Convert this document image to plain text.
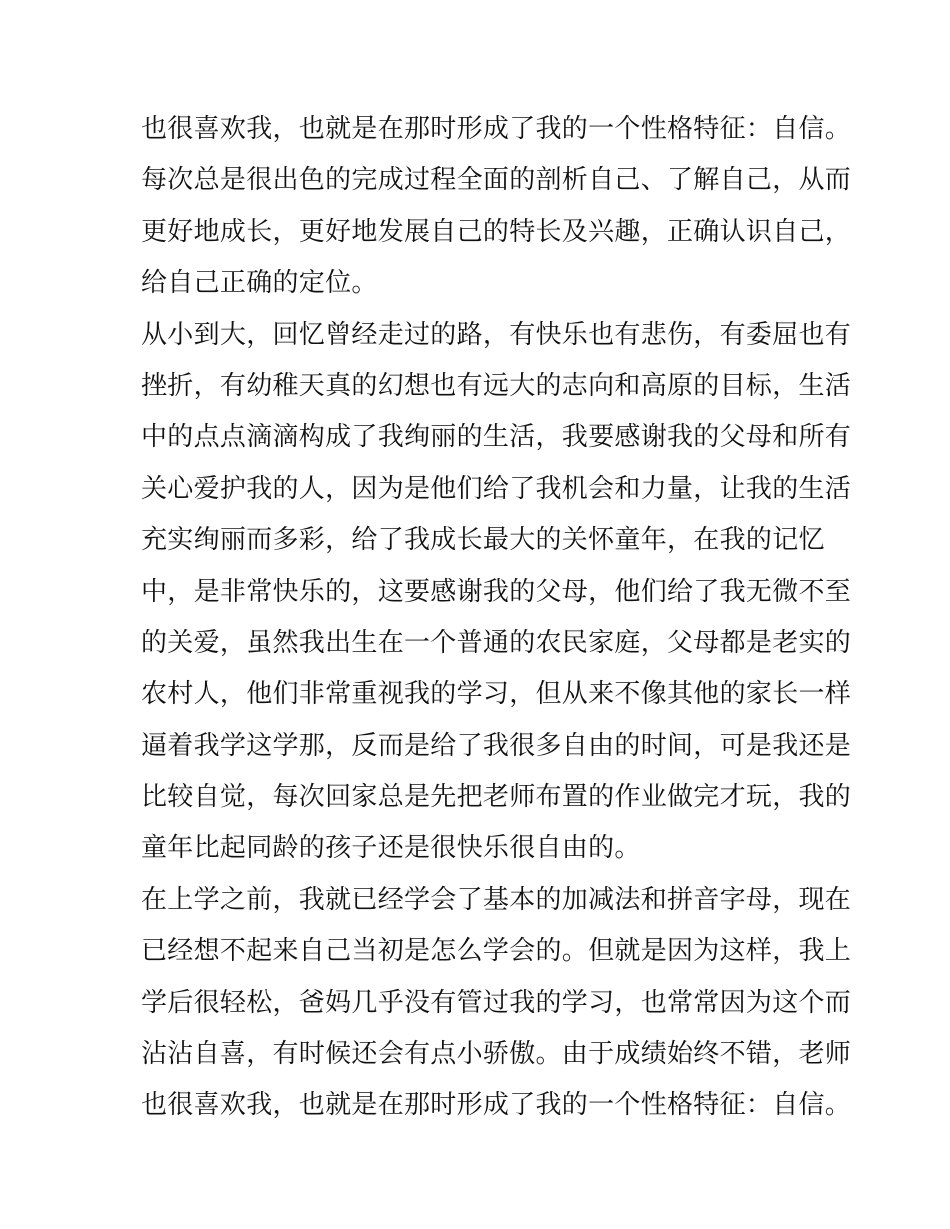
也很喜欢我，也就是在那时形成了我的一个性格特征：自信。
每次总是很出色的完成过程全面的剖析自己、了解自己，从而
更好地成长，更好地发展自己的特长及兴趣，正确认识自己，
给自己正确的定位。
从小到大，回忆曾经走过的路，有快乐也有悲伤，有委屈也有
挫折，有幼稚天真的幻想也有远大的志向和高原的目标，生活
中的点点滴滴构成了我绚丽的生活，我要感谢我的父母和所有
关心爱护我的人，因为是他们给了我机会和力量，让我的生活
充实绚丽而多彩，给了我成长最大的关怀童年，在我的记忆
中，是非常快乐的，这要感谢我的父母，他们给了我无微不至
的关爱，虽然我出生在一个普通的农民家庭，父母都是老实的
农村人，他们非常重视我的学习，但从来不像其他的家长一样
逼着我学这学那，反而是给了我很多自由的时间，可是我还是
比较自觉，每次回家总是先把老师布置的作业做完才玩，我的
童年比起同龄的孩子还是很快乐很自由的。
在上学之前，我就已经学会了基本的加减法和拼音字母，现在
已经想不起来自己当初是怎么学会的。但就是因为这样，我上
学后很轻松，爸妈几乎没有管过我的学习，也常常因为这个而
沾沾自喜，有时候还会有点小骄傲。由于成绩始终不错，老师
也很喜欢我，也就是在那时形成了我的一个性格特征：自信。
